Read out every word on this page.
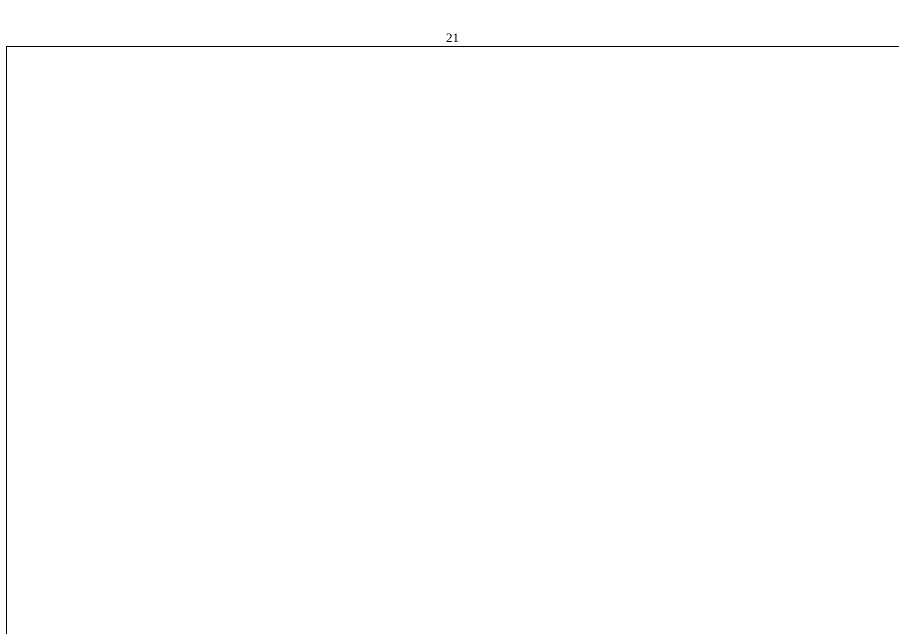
21
